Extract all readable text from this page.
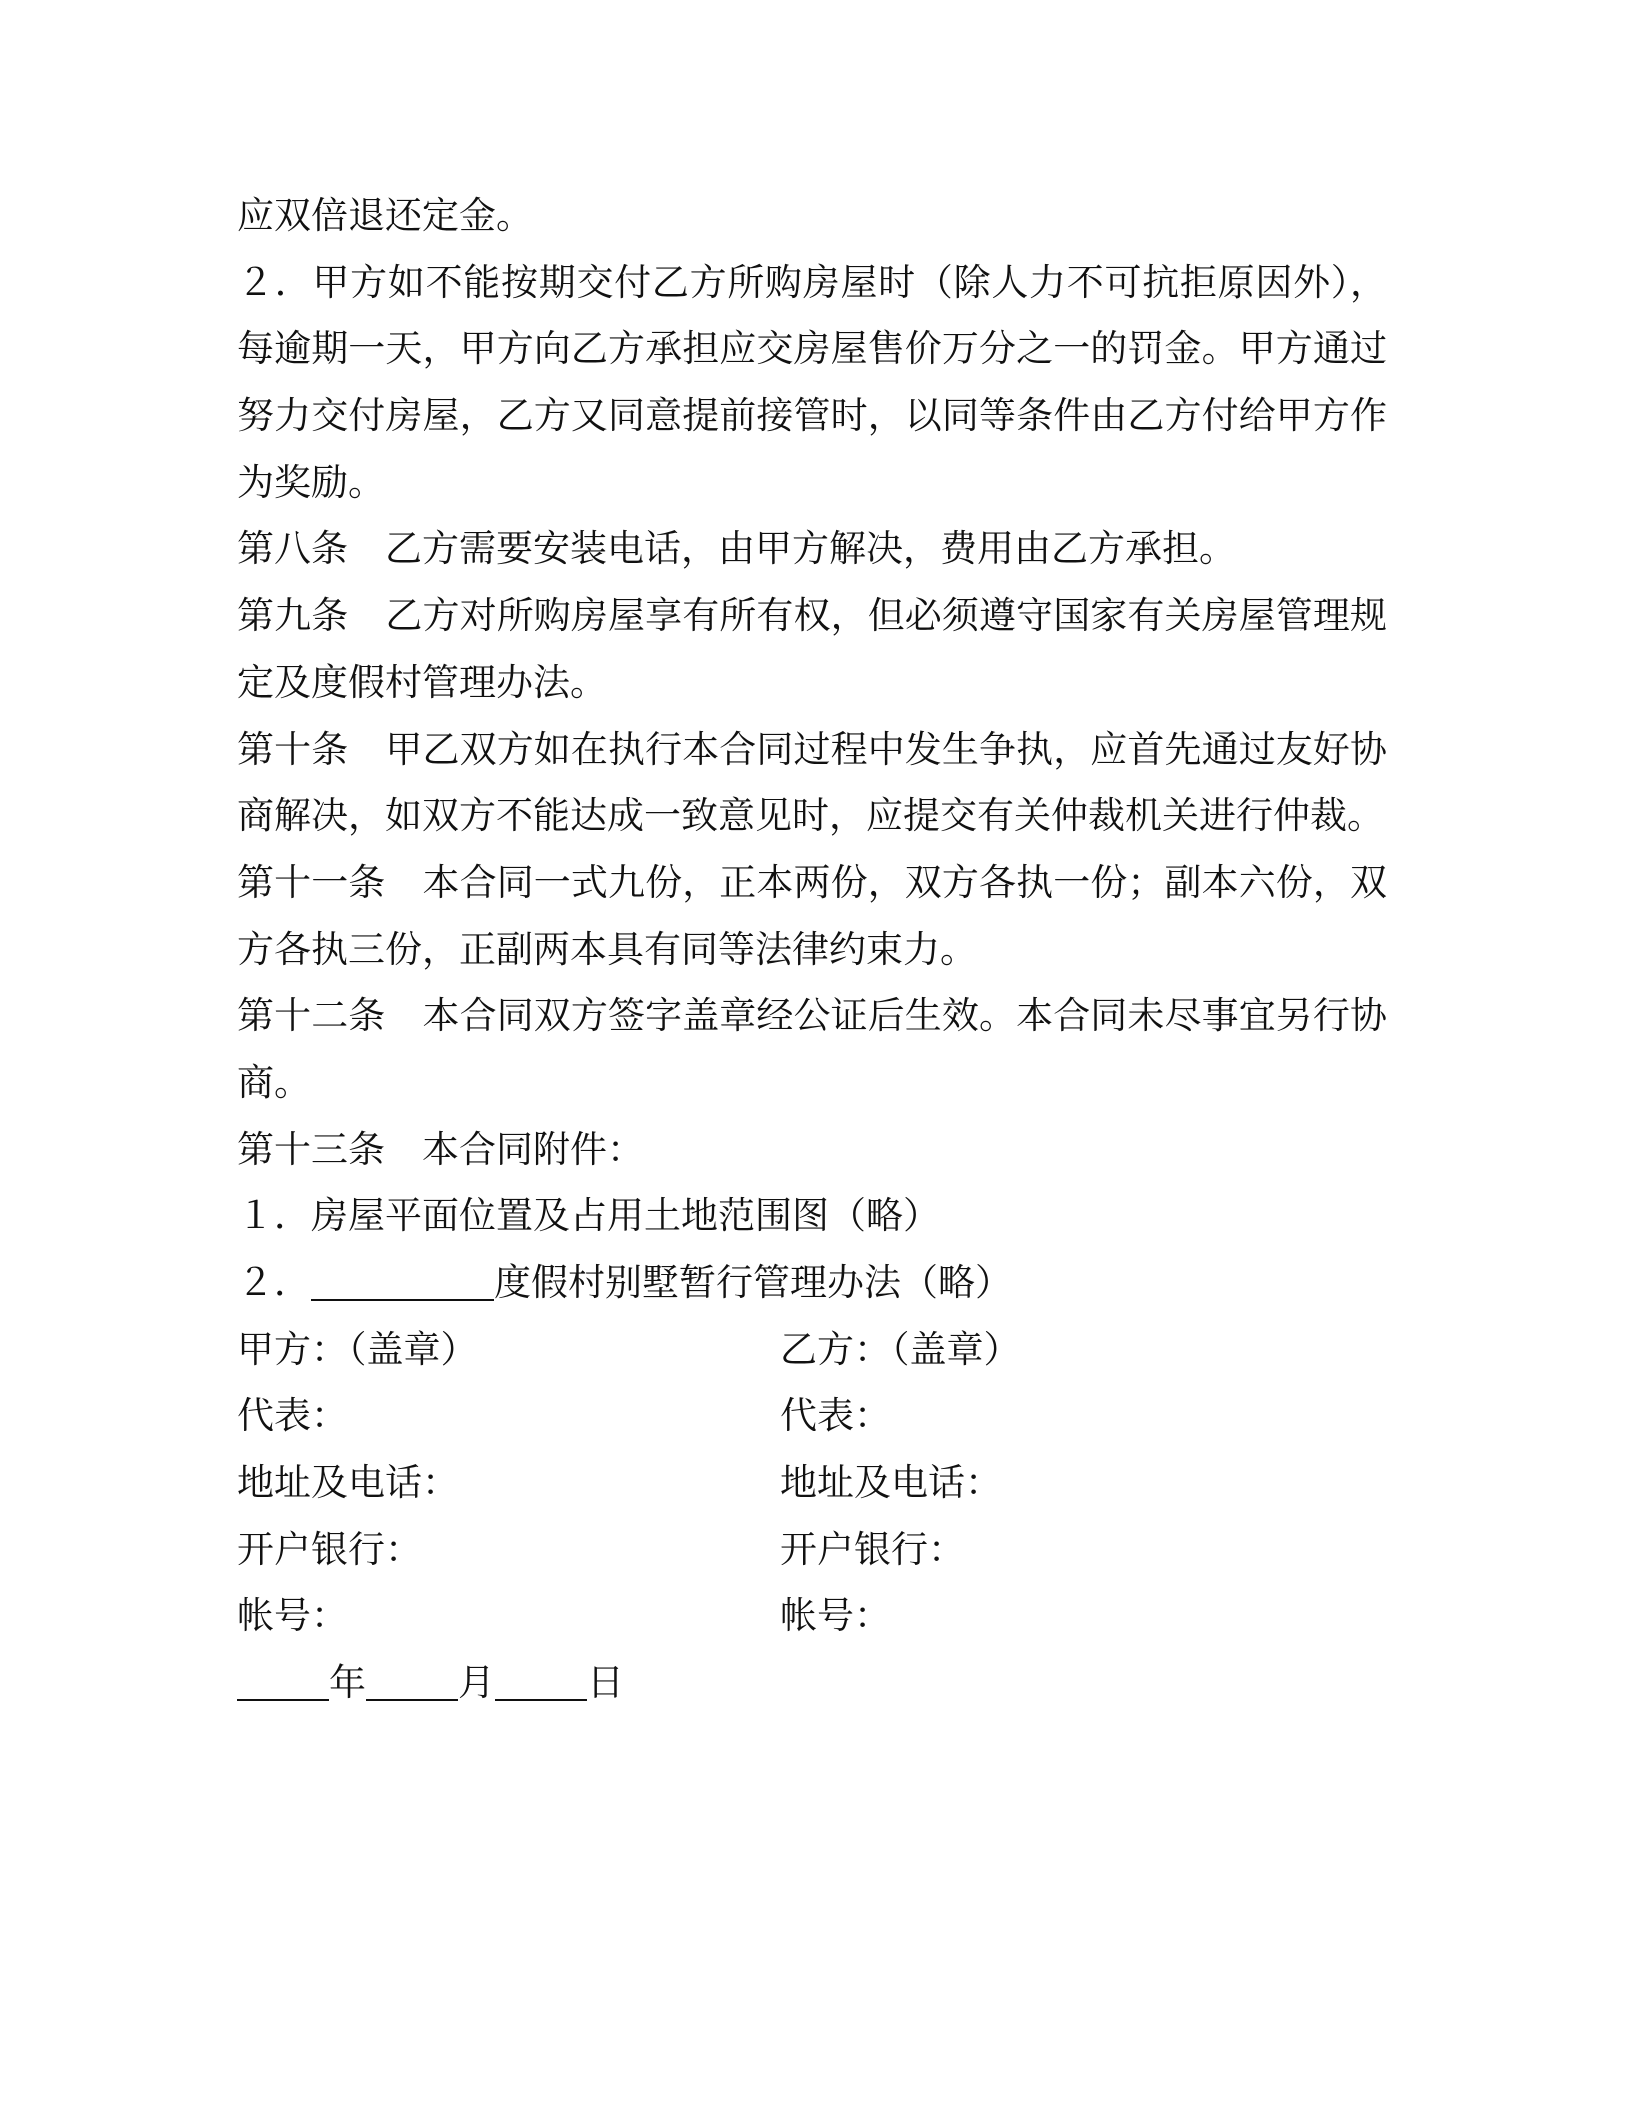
应双倍退还定金。
２．甲方如不能按期交付乙方所购房屋时（除人力不可抗拒原因外），
每逾期一天，甲方向乙方承担应交房屋售价万分之一的罚金。甲方通过
努力交付房屋，乙方又同意提前接管时，以同等条件由乙方付给甲方作
为奖励。
第八条　乙方需要安装电话，由甲方解决，费用由乙方承担。
第九条　乙方对所购房屋享有所有权，但必须遵守国家有关房屋管理规
定及度假村管理办法。
第十条　甲乙双方如在执行本合同过程中发生争执，应首先通过友好协
商解决，如双方不能达成一致意见时，应提交有关仲裁机关进行仲裁。
第十一条　本合同一式九份，正本两份，双方各执一份；副本六份，双
方各执三份，正副两本具有同等法律约束力。
第十二条　本合同双方签字盖章经公证后生效。本合同未尽事宜另行协
商。
第十三条　本合同附件：
１．房屋平面位置及占用土地范围图（略）
２．	度假村别墅暂行管理办法（略）
甲方：（盖章）	乙方：（盖章）
代表：	代表：
地址及电话：	地址及电话：
开户银行：	开户银行：
帐号：	帐号：
年 月 日
